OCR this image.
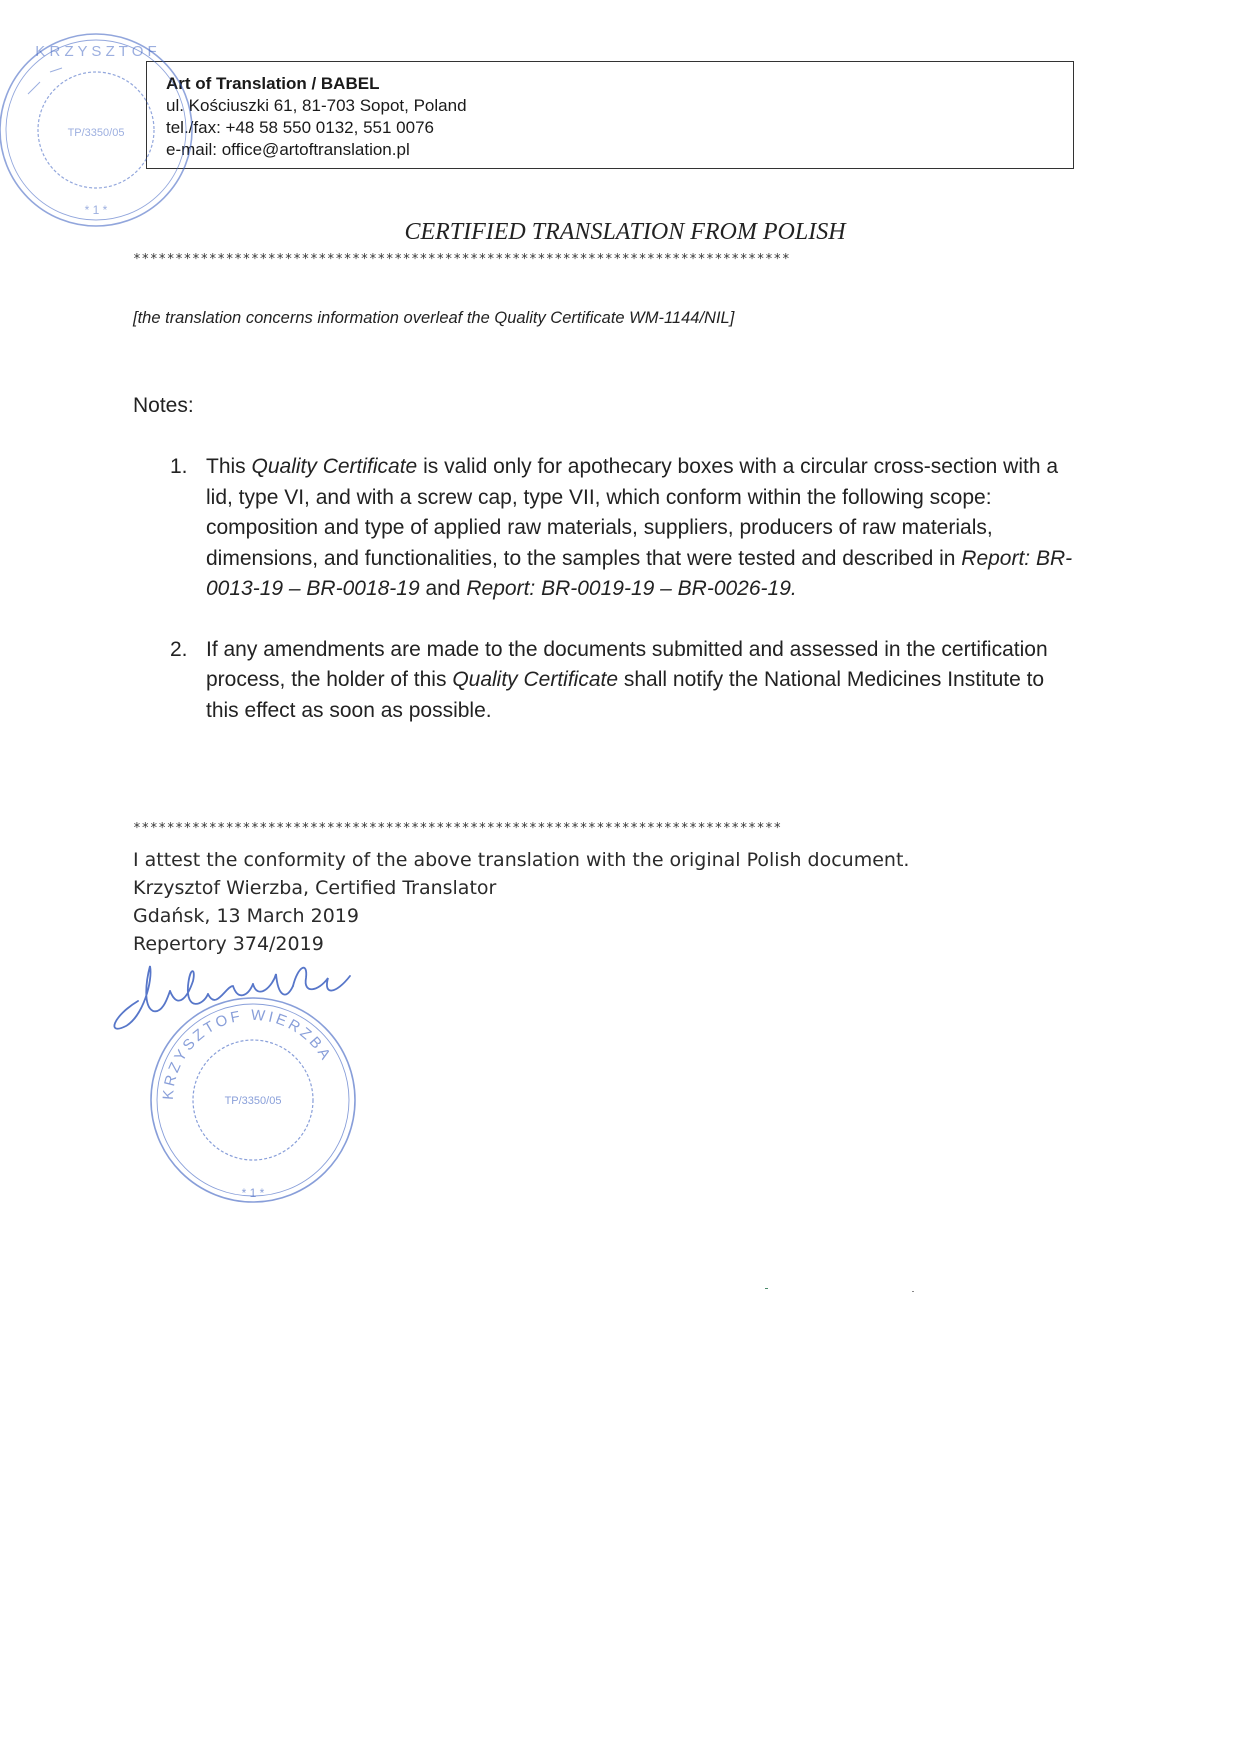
Art of Translation / BABEL
ul. Kościuszki 61, 81-703 Sopot, Poland
tel./fax: +48 58 550 0132, 551 0076
e-mail: office@artoftranslation.pl
CERTIFIED TRANSLATION FROM POLISH
******************************************************************************
[the translation concerns information overleaf the Quality Certificate WM-1144/NIL]
Notes:
1. This Quality Certificate is valid only for apothecary boxes with a circular cross-section with a lid, type VI, and with a screw cap, type VII, which conform within the following scope: composition and type of applied raw materials, suppliers, producers of raw materials, dimensions, and functionalities, to the samples that were tested and described in Report: BR-0013-19 – BR-0018-19 and Report: BR-0019-19 – BR-0026-19.
2. If any amendments are made to the documents submitted and assessed in the certification process, the holder of this Quality Certificate shall notify the National Medicines Institute to this effect as soon as possible.
*****************************************************************************
I attest the conformity of the above translation with the original Polish document.
Krzysztof Wierzba, Certified Translator
Gdańsk, 13 March 2019
Repertory 374/2019
K R Z Y S Z T O F
TP/3350/05
* 1 *
KRZYSZTOF WIERZBA
TP/3350/05
* 1 *
